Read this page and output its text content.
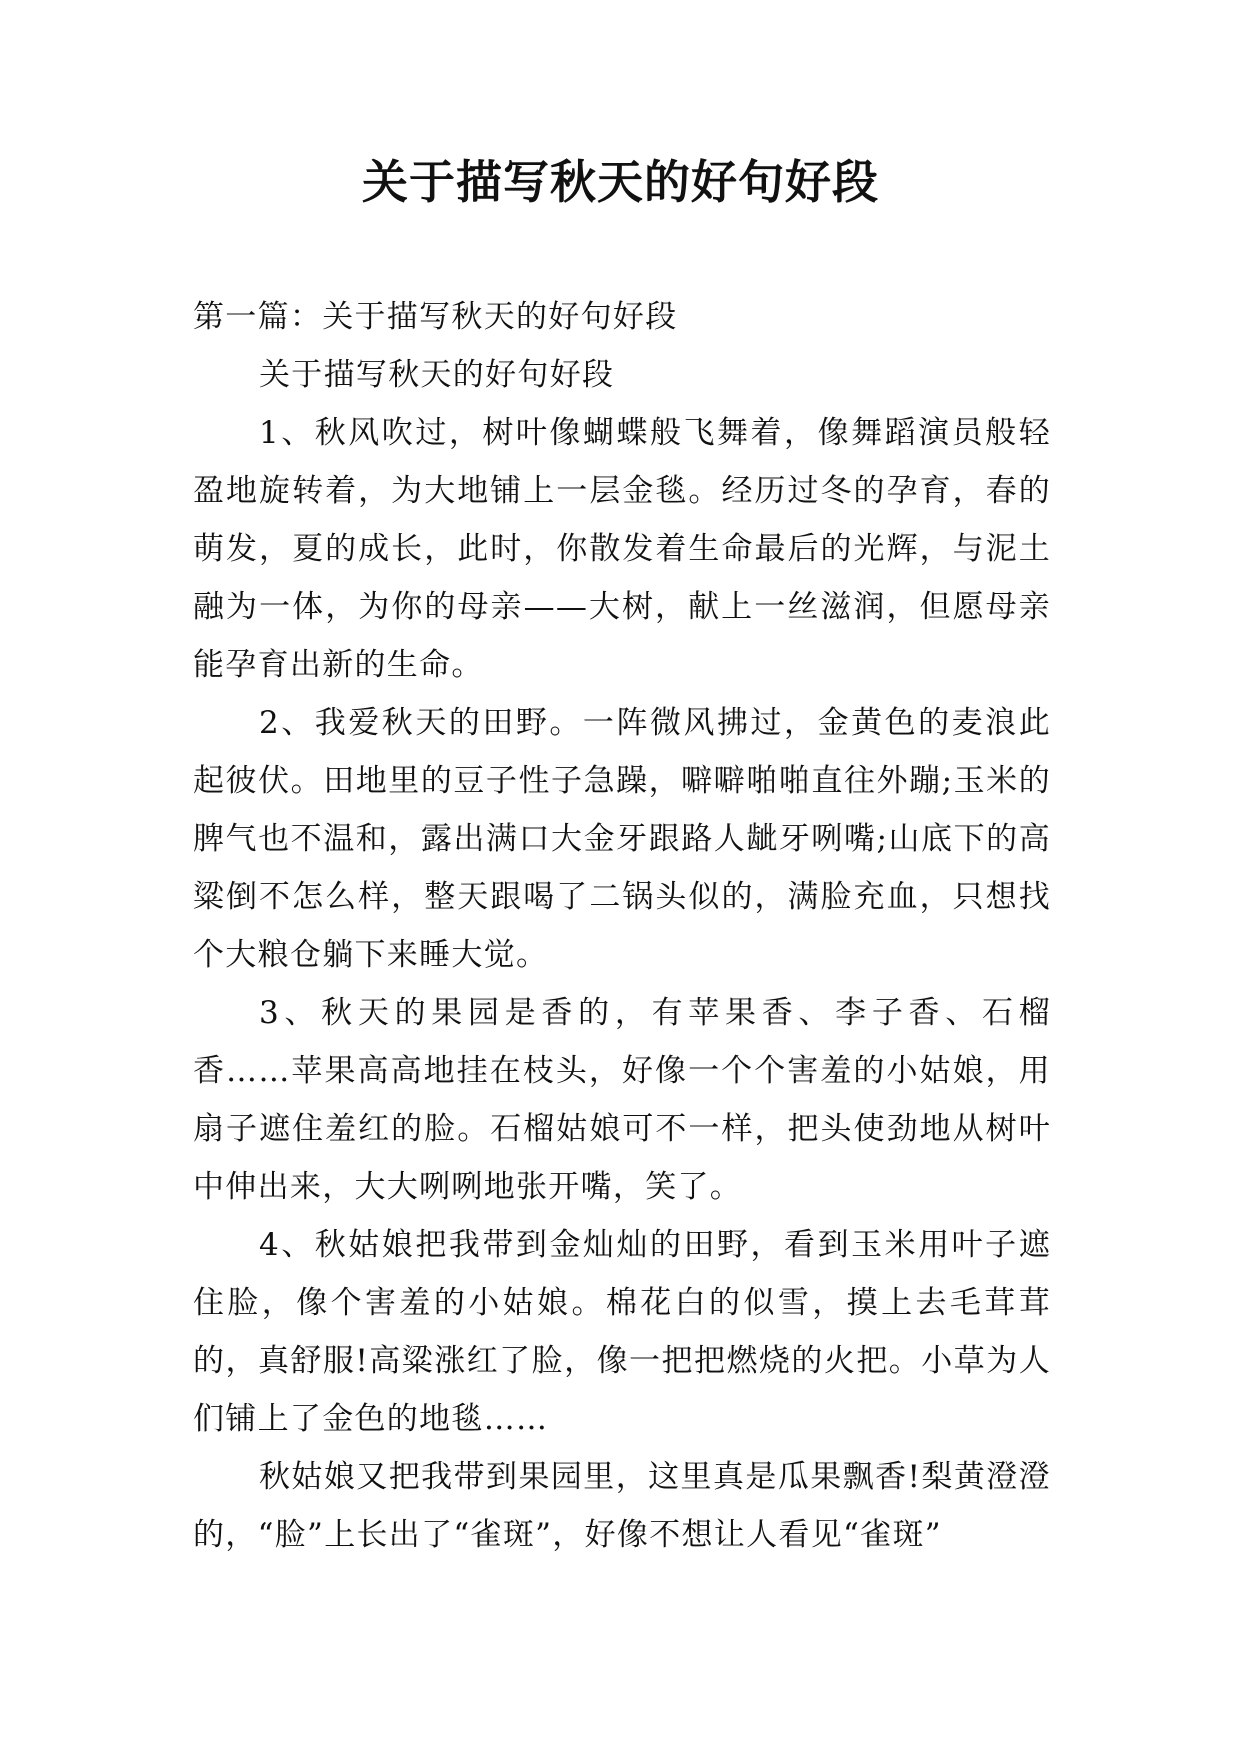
关于描写秋天的好句好段

第一篇：关于描写秋天的好句好段

关于描写秋天的好句好段

1、秋风吹过，树叶像蝴蝶般飞舞着，像舞蹈演员般轻盈地旋转着，为大地铺上一层金毯。经历过冬的孕育，春的萌发，夏的成长，此时，你散发着生命最后的光辉，与泥土融为一体，为你的母亲——大树，献上一丝滋润，但愿母亲能孕育出新的生命。

2、我爱秋天的田野。一阵微风拂过，金黄色的麦浪此起彼伏。田地里的豆子性子急躁，噼噼啪啪直往外蹦;玉米的脾气也不温和，露出满口大金牙跟路人龇牙咧嘴;山底下的高粱倒不怎么样，整天跟喝了二锅头似的，满脸充血，只想找个大粮仓躺下来睡大觉。

3、秋天的果园是香的，有苹果香、李子香、石榴香……苹果高高地挂在枝头，好像一个个害羞的小姑娘，用扇子遮住羞红的脸。石榴姑娘可不一样，把头使劲地从树叶中伸出来，大大咧咧地张开嘴，笑了。

4、秋姑娘把我带到金灿灿的田野，看到玉米用叶子遮住脸，像个害羞的小姑娘。棉花白的似雪，摸上去毛茸茸的，真舒服!高粱涨红了脸，像一把把燃烧的火把。小草为人们铺上了金色的地毯……

秋姑娘又把我带到果园里，这里真是瓜果飘香!梨黄澄澄的，“脸”上长出了“雀斑”，好像不想让人看见“雀斑”
